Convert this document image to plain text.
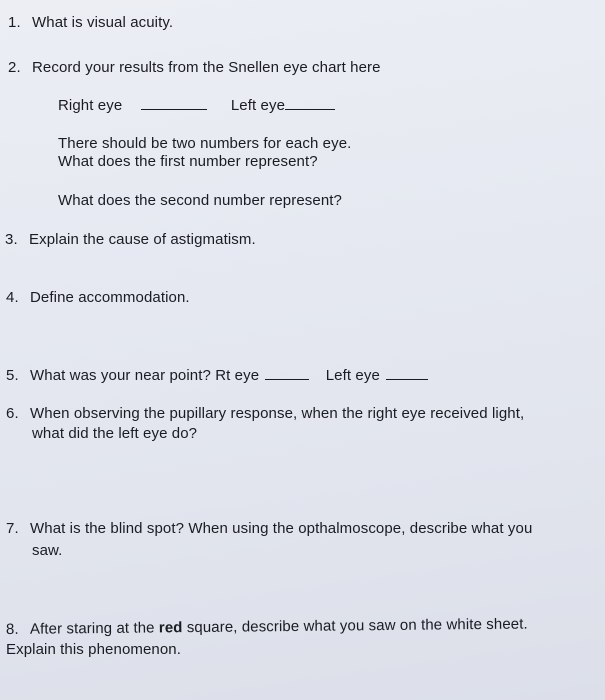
1. What is visual acuity.
2. Record your results from the Snellen eye chart here
Right eye	Left eye
There should be two numbers for each eye.
What does the first number represent?
What does the second number represent?
3. Explain the cause of astigmatism.
4. Define accommodation.
5. What was your near point? Rt eye	Left eye
6. When observing the pupillary response, when the right eye received light,
what did the left eye do?
7. What is the blind spot? When using the opthalmoscope, describe what you
saw.
8. After staring at the red square, describe what you saw on the white sheet.
Explain this phenomenon.
